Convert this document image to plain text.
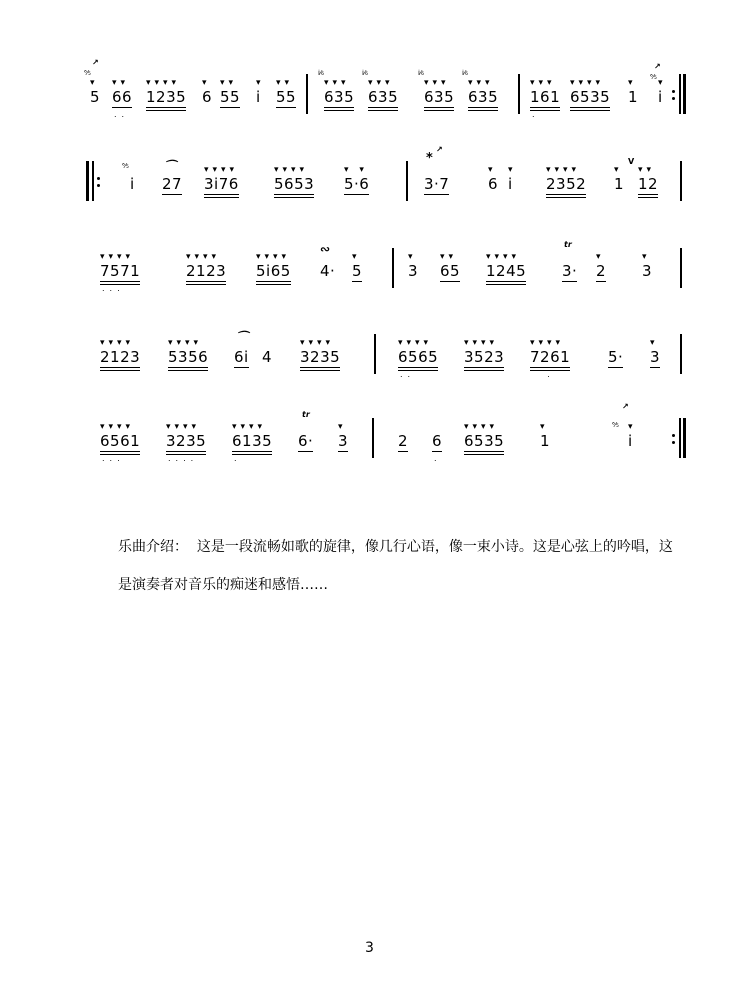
⁶⁄₅
↗
▾
5
▾▾
66
..
▾▾▾▾
1235
▾
6
▾▾
55
▾
i
▾▾
55
i̇⁄₆
▾▾▾
635
i̇⁄₆
▾▾▾
635
i̇⁄₆
▾▾▾
635
i̇⁄₆
▾▾▾
635
▾▾▾
161
.
▾▾▾▾
6535
▾
1
↗
⁶⁄₅
▾
i
⁶⁄₅
i
⌒
27
▾▾▾▾
3i76
▾▾▾▾
5653
▾ ▾
5·6
*
↗
3·7
▾
6
▾
i
▾▾▾▾
2352
V
▾
1
▾▾
12
▾▾▾▾
7571
...
▾▾▾▾
2123
▾▾▾▾
5i65
∾
4·
▾
5
▾
3
▾▾
65
▾▾▾▾
1245
tr
3·
▾
2
▾
3
▾▾▾▾
2123
▾▾▾▾
5356
⌒
6i 4
▾▾▾▾
3235
▾▾▾▾
6565
..
▾▾▾▾
3523
▾▾▾▾
7261
.
5·
▾
3
▾▾▾▾
6561
...
▾▾▾▾
3235
....
▾▾▾▾
6135
.
tr
6·
▾
3	2 6
.
▾▾▾▾
6535
▾
1
↗
⁶⁄₅ ▾
i
乐曲介绍： 这是一段流畅如歌的旋律，像几行心语，像一束小诗。这是心弦上的吟唱，这是演奏者对音乐的痴迷和感悟……
3
